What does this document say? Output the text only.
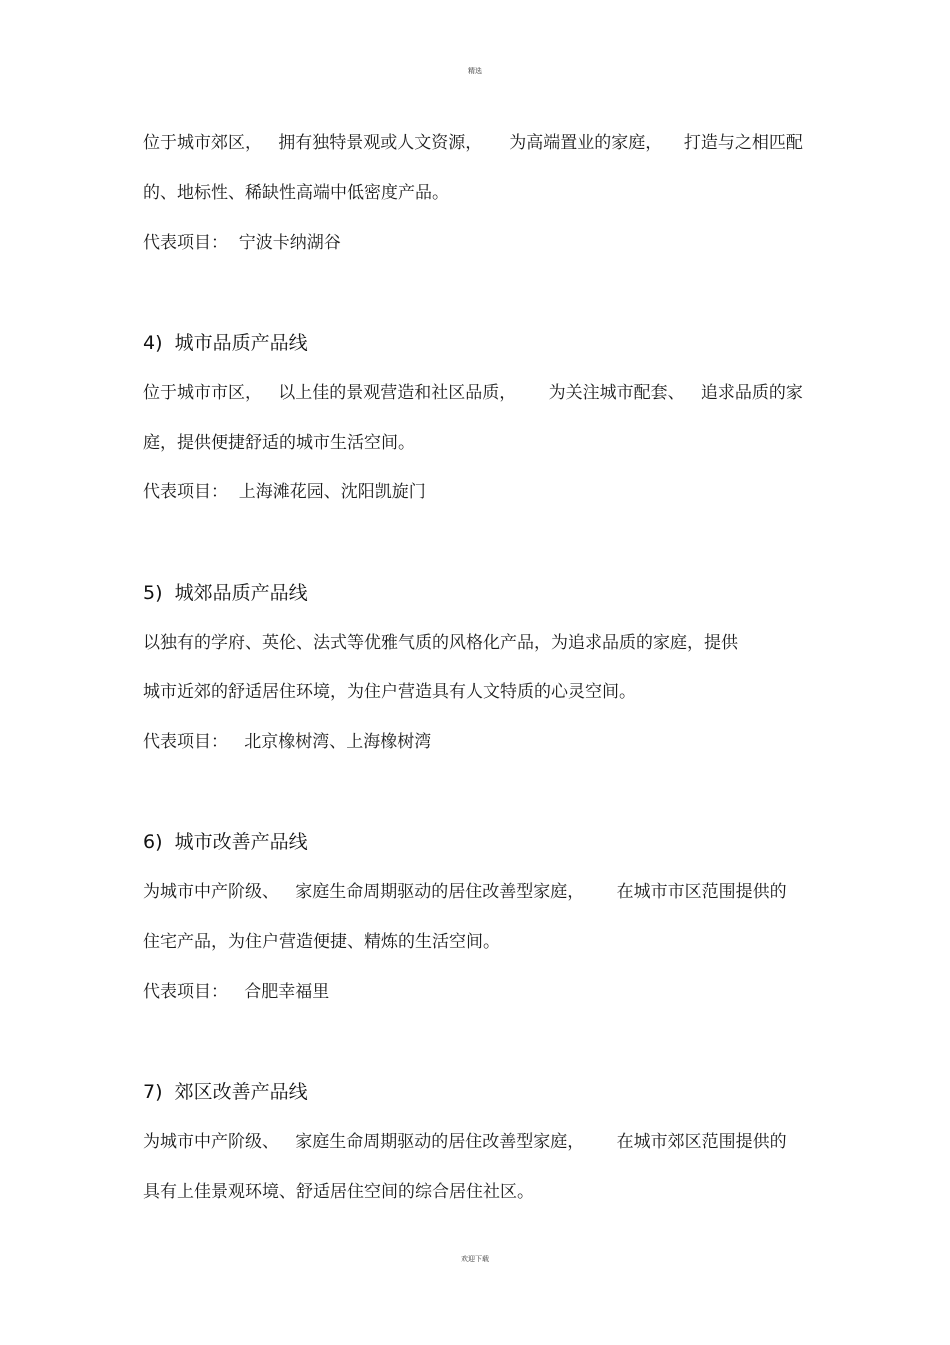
精选
位于城市郊区，   拥有独特景观或人文资源，     为高端置业的家庭，    打造与之相匹配
的、地标性、稀缺性高端中低密度产品。
代表项目：  宁波卡纳湖谷
4)  城市品质产品线
位于城市市区，   以上佳的景观营造和社区品质，      为关注城市配套、   追求品质的家
庭，提供便捷舒适的城市生活空间。
代表项目：  上海滩花园、沈阳凯旋门
5)  城郊品质产品线
以独有的学府、英伦、法式等优雅气质的风格化产品，为追求品质的家庭，提供
城市近郊的舒适居住环境，为住户营造具有人文特质的心灵空间。
代表项目：   北京橡树湾、上海橡树湾
6)  城市改善产品线
为城市中产阶级、   家庭生命周期驱动的居住改善型家庭，      在城市市区范围提供的
住宅产品，为住户营造便捷、精炼的生活空间。
代表项目：   合肥幸福里
7)  郊区改善产品线
为城市中产阶级、   家庭生命周期驱动的居住改善型家庭，      在城市郊区范围提供的
具有上佳景观环境、舒适居住空间的综合居住社区。
欢迎下载
